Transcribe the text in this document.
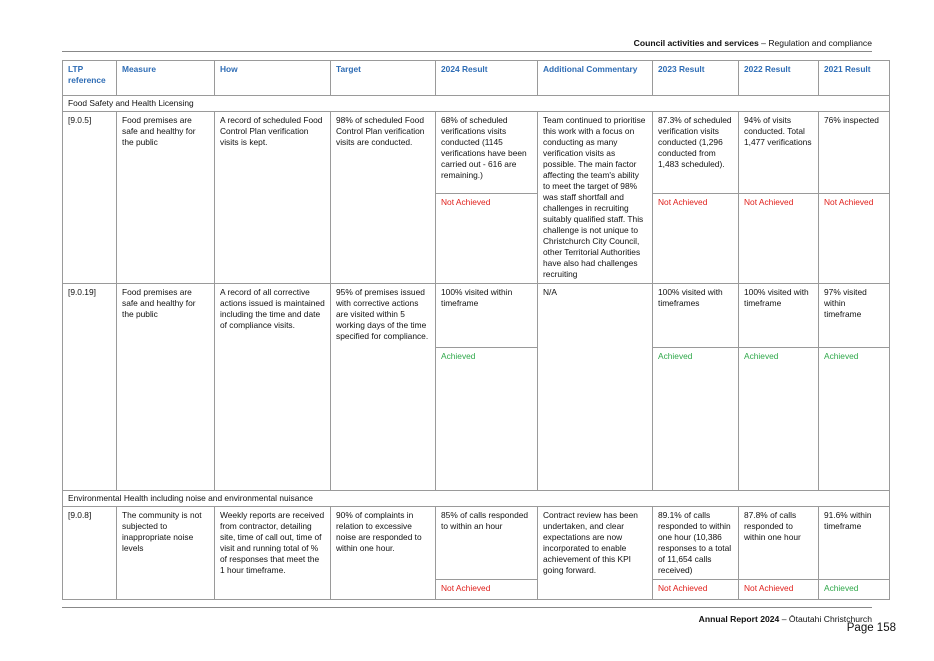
Council activities and services – Regulation and compliance
LTP reference	Measure	How	Target	2024 Result	Additional Commentary	2023 Result	2022 Result	2021 Result
Food Safety and Health Licensing								
[9.0.5]	Food premises are safe and healthy for the public	A record of scheduled Food Control Plan verification visits is kept.	98% of scheduled Food Control Plan verification visits are conducted.	68% of scheduled verifications visits conducted (1145 verifications have been carried out - 616 are remaining.)	Team continued to prioritise this work with a focus on conducting as many verification visits as possible. The main factor affecting the team's ability to meet the target of 98% was staff shortfall and challenges in recruiting suitably qualified staff. This challenge is not unique to Christchurch City Council, other Territorial Authorities have also had challenges recruiting	87.3% of scheduled verification visits conducted (1,296 conducted from 1,483 scheduled).	94% of visits conducted. Total 1,477 verifications	76% inspected
				Not Achieved		Not Achieved	Not Achieved	Not Achieved
[9.0.19]	Food premises are safe and healthy for the public	A record of all corrective actions issued is maintained including the time and date of compliance visits.	95% of premises issued with corrective actions are visited within 5 working days of the time specified for compliance.	100% visited within timeframe	N/A	100% visited with timeframes	100% visited with timeframe	97% visited within timeframe
				Achieved		Achieved	Achieved	Achieved
Environmental Health including noise and environmental nuisance								
[9.0.8]	The community is not subjected to inappropriate noise levels	Weekly reports are received from contractor, detailing site, time of call out, time of visit and running total of % of responses that meet the 1 hour timeframe.	90% of complaints in relation to excessive noise are responded to within one hour.	85% of calls responded to within an hour	Contract review has been undertaken, and clear expectations are now incorporated to enable achievement of this KPI going forward.	89.1% of calls responded to within one hour (10,386 responses to a total of 11,654 calls received)	87.8% of calls responded to within one hour	91.6% within timeframe
				Not Achieved		Not Achieved	Not Achieved	Achieved
Annual Report 2024 – Ōtautahi Christchurch
Page 158
